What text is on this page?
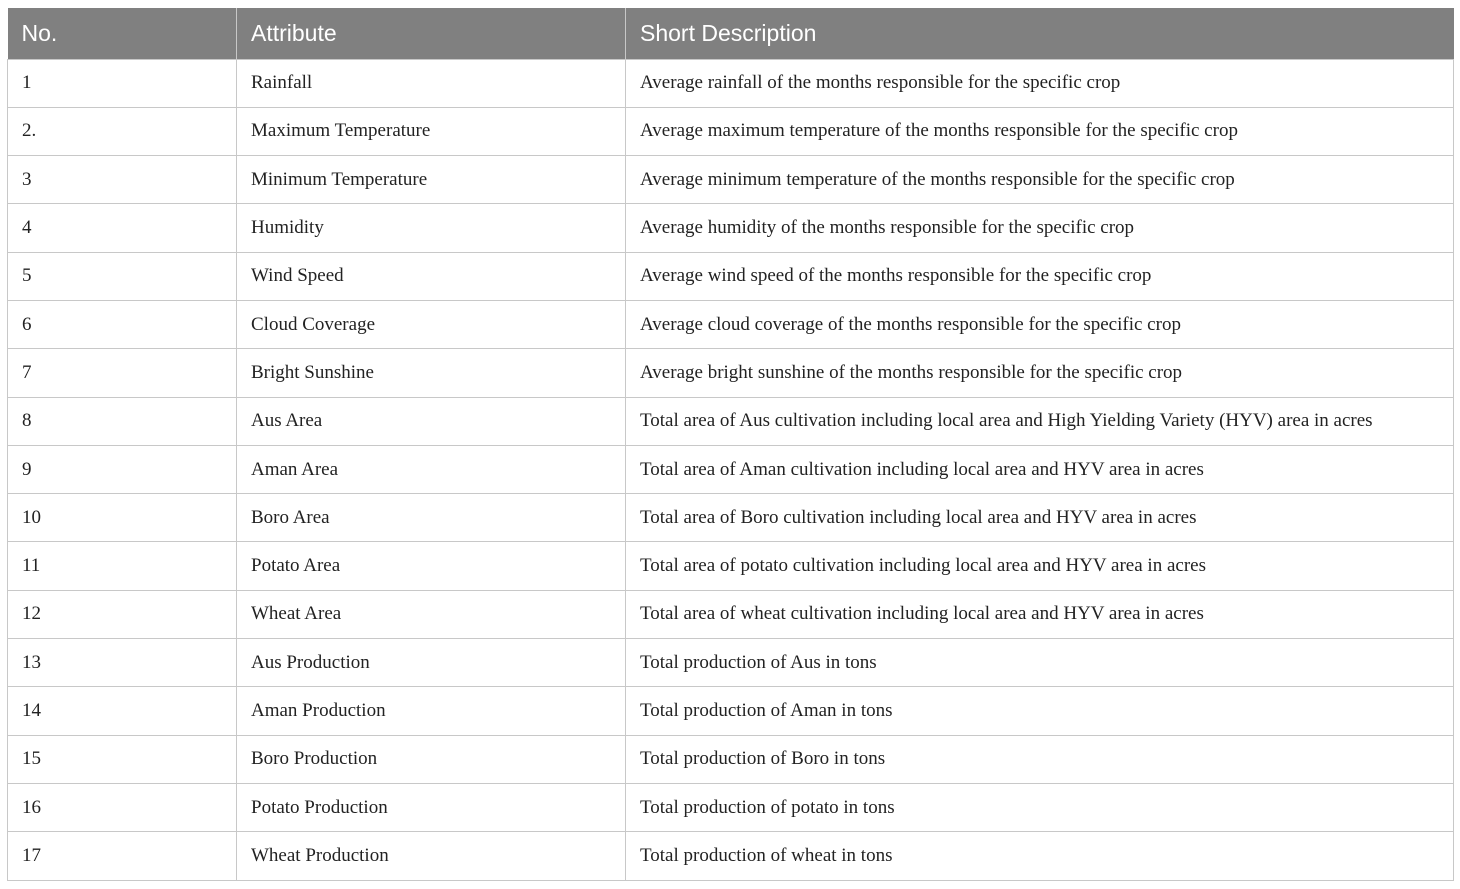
No.	Attribute	Short Description
1	Rainfall	Average rainfall of the months responsible for the specific crop
2.	Maximum Temperature	Average maximum temperature of the months responsible for the specific crop
3	Minimum Temperature	Average minimum temperature of the months responsible for the specific crop
4	Humidity	Average humidity of the months responsible for the specific crop
5	Wind Speed	Average wind speed of the months responsible for the specific crop
6	Cloud Coverage	Average cloud coverage of the months responsible for the specific crop
7	Bright Sunshine	Average bright sunshine of the months responsible for the specific crop
8	Aus Area	Total area of Aus cultivation including local area and High Yielding Variety (HYV) area in acres
9	Aman Area	Total area of Aman cultivation including local area and HYV area in acres
10	Boro Area	Total area of Boro cultivation including local area and HYV area in acres
11	Potato Area	Total area of potato cultivation including local area and HYV area in acres
12	Wheat Area	Total area of wheat cultivation including local area and HYV area in acres
13	Aus Production	Total production of Aus in tons
14	Aman Production	Total production of Aman in tons
15	Boro Production	Total production of Boro in tons
16	Potato Production	Total production of potato in tons
17	Wheat Production	Total production of wheat in tons
